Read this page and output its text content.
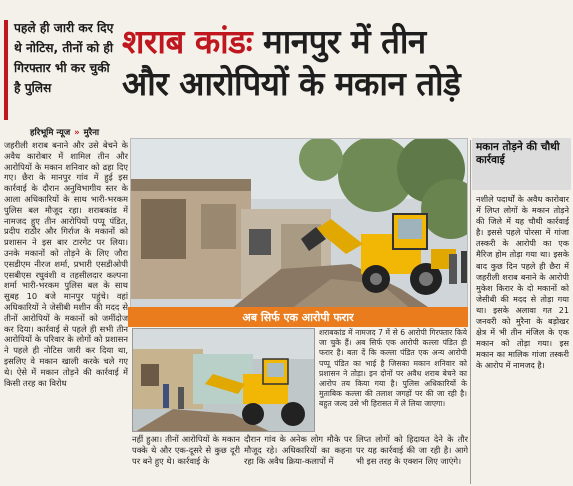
पहले ही जारी कर दिए थे नोटिस, तीनों को ही गिरफ्तार भी कर चुकी है पुलिस

शराब कांडः मानपुर में तीन
और आरोपियों के मकान तोड़े
हरिभूमि न्यूज » मुरैना

जहरीली शराब बनाने और उसे बेचने के अवैध कारोबार में शामिल तीन और आरोपियों के मकान शनिवार को ढहा दिए गए। छैरा के मानपुर गांव में हुई इस कार्रवाई के दौरान अनुविभागीय स्तर के आला अधिकारियों के साथ भारी-भरकम पुलिस बल मौजूद रहा। शराबकांड में नामजद हुए तीन आरोपियों पप्पू पंडित, प्रदीप राठौर और गिर्राज के मकानों को प्रशासन ने इस बार टारगेट पर लिया। उनके मकानों को तोड़ने के लिए जौरा एसडीएम नीरज शर्मा, प्रभारी एसडीओपी एसबीएस रघुवंशी व तहसीलदार कल्पना शर्मा भारी-भरकम पुलिस बल के साथ सुबह 10 बजे मानपुर पहुंचे। वहां अधिकारियों ने जेसीबी मशीन की मदद से तीनों आरोपियों के मकानों को जमींदोज कर दिया। कार्रवाई से पहले ही सभी तीन आरोपियों के परिवार के लोगों को प्रशासन ने पहले ही नोटिस जारी कर दिया था, इसलिए वे मकान खाली करके चले गए थे। ऐसे में मकान तोड़ने की कार्रवाई में किसी तरह का विरोध

अब सिर्फ एक आरोपी फरार
शराबकांड में नामजद 7 में से 6 आरोपी गिरफ्तार किये जा चुके हैं। अब सिर्फ एक आरोपी कल्ला पंडित ही फरार है। बता दें कि कल्ला पंडित एक अन्य आरोपी पप्पू पंडित का भाई है जिसका मकान शनिवार को प्रशासन ने तोड़ा। इन दोनों पर अवैध शराब बेचने का आरोप तय किया गया है। पुलिस अधिकारियों के मुताबिक कल्ला की तलाश जगहों पर की जा रही है। बहुत जल्द उसे भी हिरासत में ले लिया जाएगा।
नहीं हुआ। तीनों आरोपियों के मकान पक्के थे और एक-दूसरे से कुछ दूरी पर बने हुए थे। कार्रवाई के
दौरान गांव के अनेक लोग मौके पर मौजूद रहे। अधिकारियों का कहना रहा कि अवैध क्रिया-कलापों में
लिप्त लोगों को हिदायत देने के तौर पर यह कार्रवाई की जा रही है। आगे भी इस तरह के एक्शन लिए जाएंगे।
मकान तोड़ने की चौथी कार्रवाई
नशीले पदार्थों के अवैध कारोबार में लिप्त लोगों के मकान तोड़ने की जिले में यह चौथी कार्रवाई है। इससे पहले पोरसा में गांजा तस्करी के आरोपी का एक मैरिज होम तोड़ा गया था। इसके बाद कुछ दिन पहले ही छैरा में जहरीली शराब बनाने के आरोपी मुकेश किरार के दो मकानों को जेसीबी की मदद से तोड़ा गया था। इसके अलावा गत 21 जनवरी को मुरैना के बड़ोखर क्षेत्र में भी तीन मंजिल के एक मकान को तोड़ा गया। इस मकान का मालिक गांजा तस्करी के आरोप में नामजद है।
